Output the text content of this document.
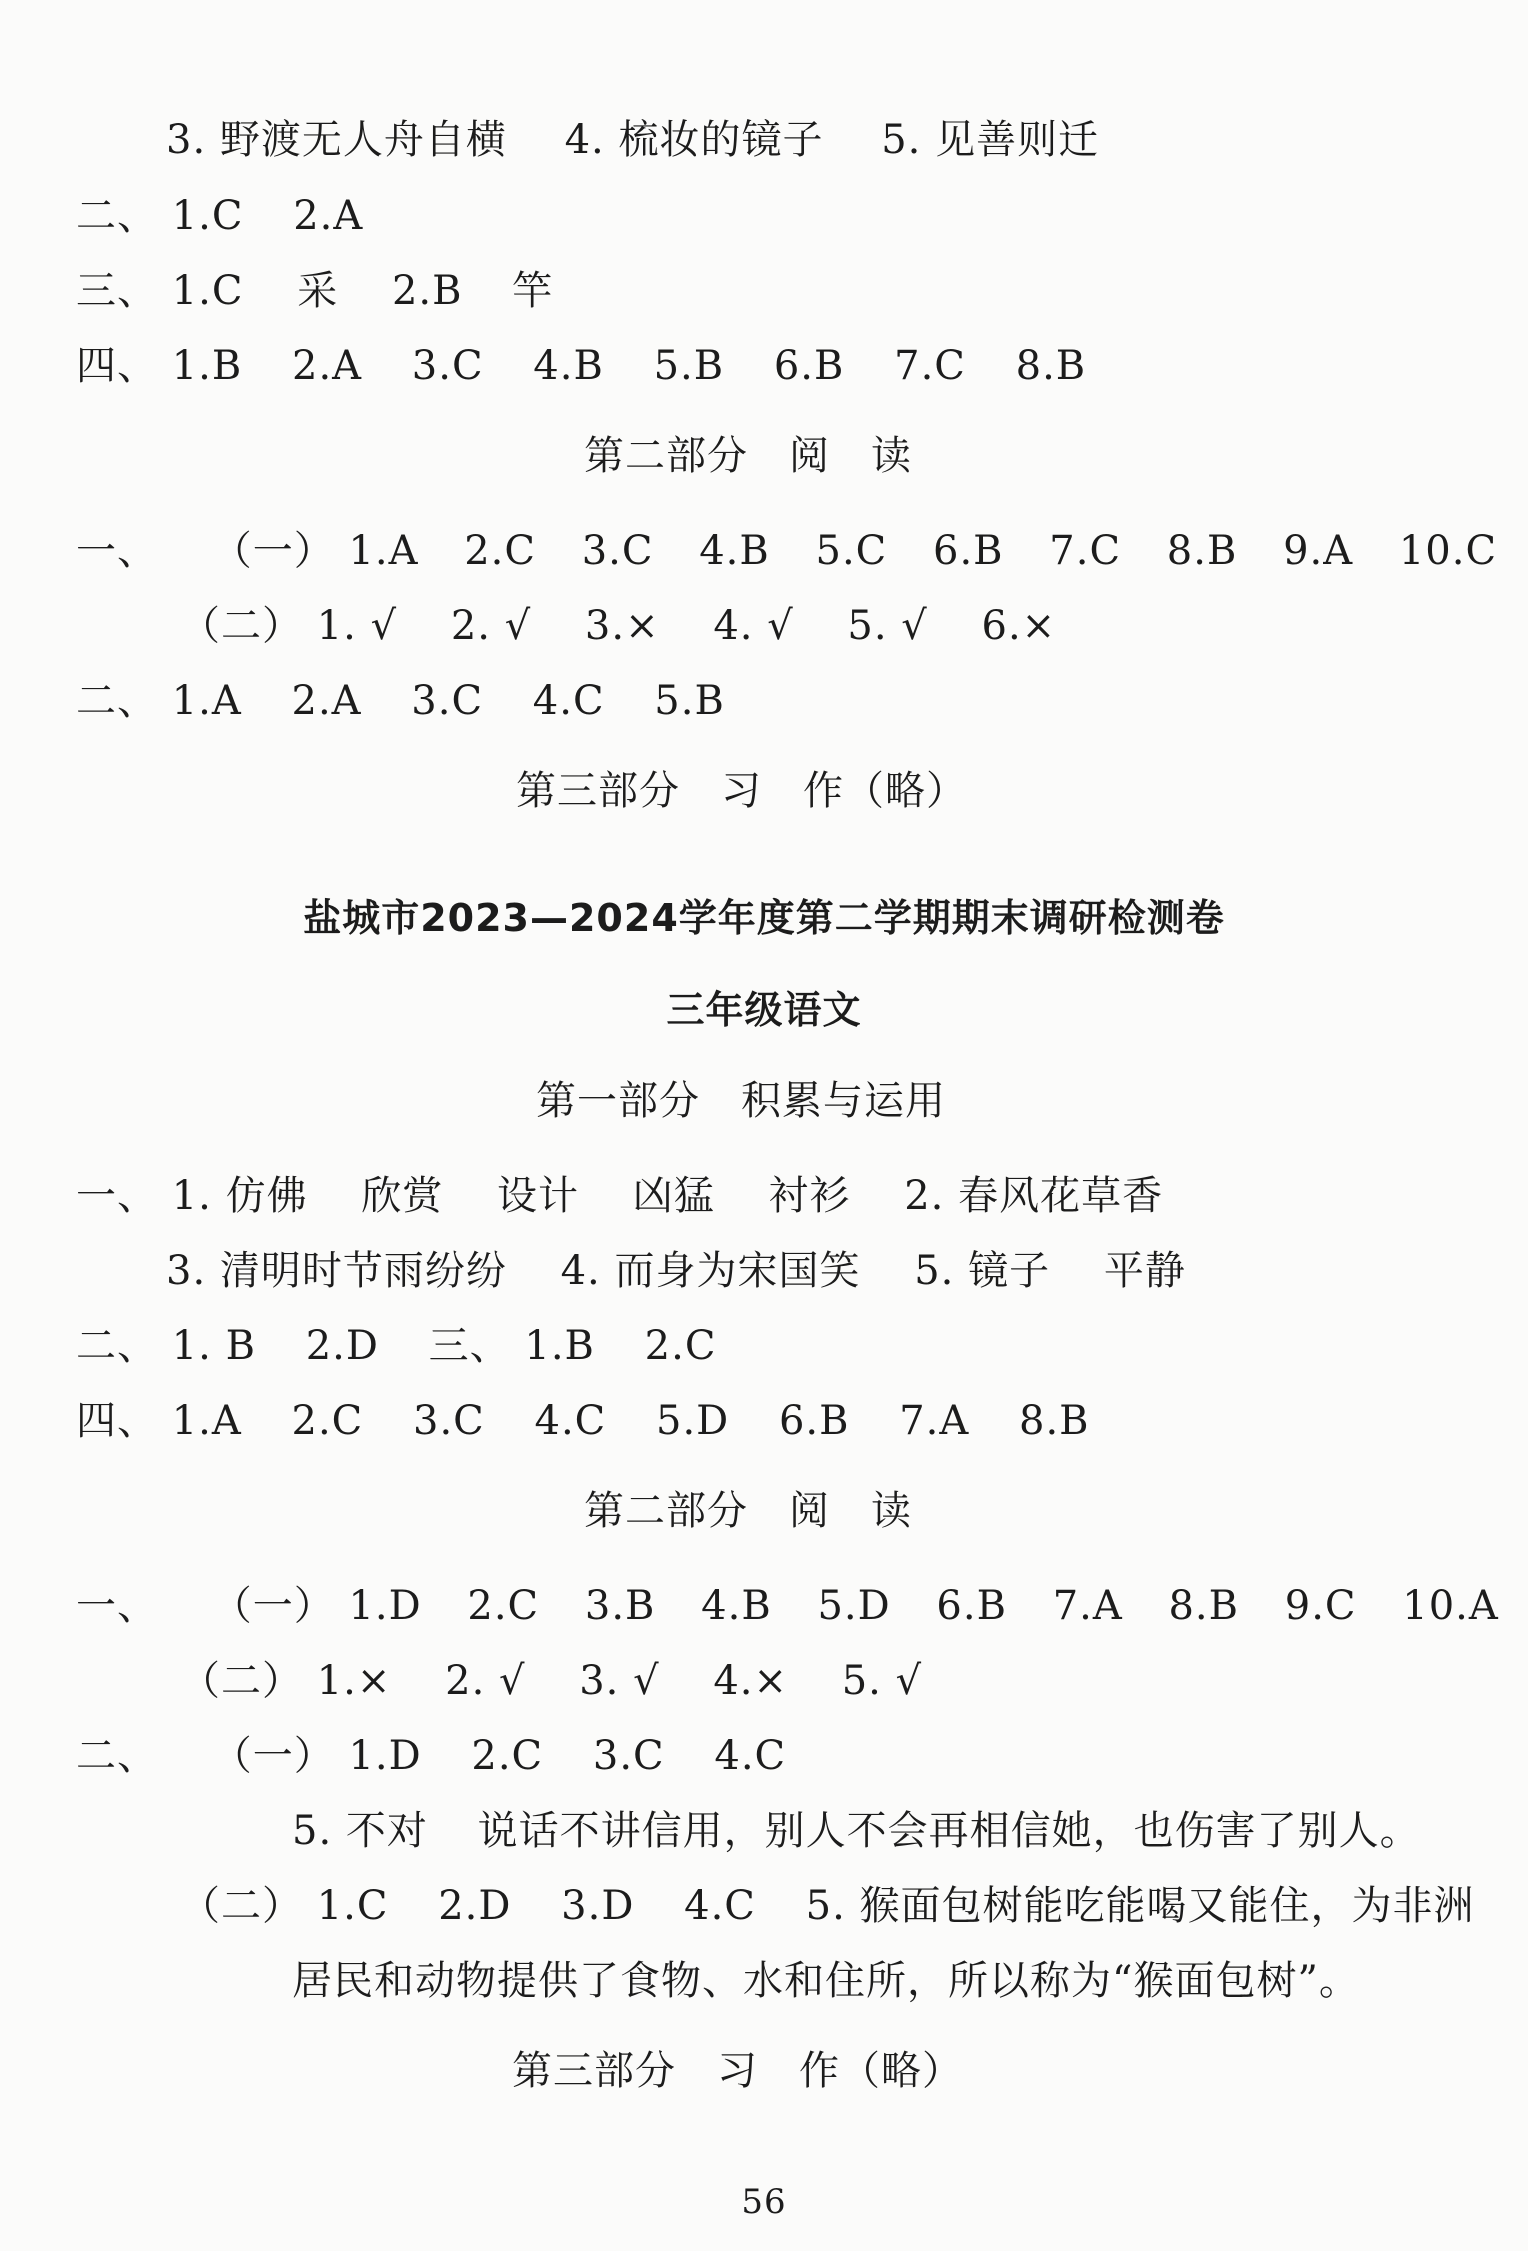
3. 野渡无人舟自横 4. 梳妆的镜子 5. 见善则迁
二、 1.C 2.A
三、 1.C 采 2.B 竿
四、 1.B 2.A 3.C 4.B 5.B 6.B 7.C 8.B
第二部分　阅　读
一、 （一） 1.A 2.C 3.C 4.B 5.C 6.B 7.C 8.B 9.A 10.C
（二） 1. √ 2. √ 3.× 4. √ 5. √ 6.×
二、 1.A 2.A 3.C 4.C 5.B
第三部分　习　作（略）
盐城市2023—2024学年度第二学期期末调研检测卷
三年级语文
第一部分　积累与运用
一、 1. 仿佛 欣赏 设计 凶猛 衬衫 2. 春风花草香
3. 清明时节雨纷纷 4. 而身为宋国笑 5. 镜子 平静
二、 1. B 2.D 三、 1.B 2.C
四、 1.A 2.C 3.C 4.C 5.D 6.B 7.A 8.B
第二部分　阅　读
一、 （一） 1.D 2.C 3.B 4.B 5.D 6.B 7.A 8.B 9.C 10.A
（二） 1.× 2. √ 3. √ 4.× 5. √
二、 （一） 1.D 2.C 3.C 4.C
5. 不对 说话不讲信用，别人不会再相信她，也伤害了别人。
（二） 1.C 2.D 3.D 4.C 5. 猴面包树能吃能喝又能住，为非洲
居民和动物提供了食物、水和住所，所以称为“猴面包树”。
第三部分　习　作（略）
56
